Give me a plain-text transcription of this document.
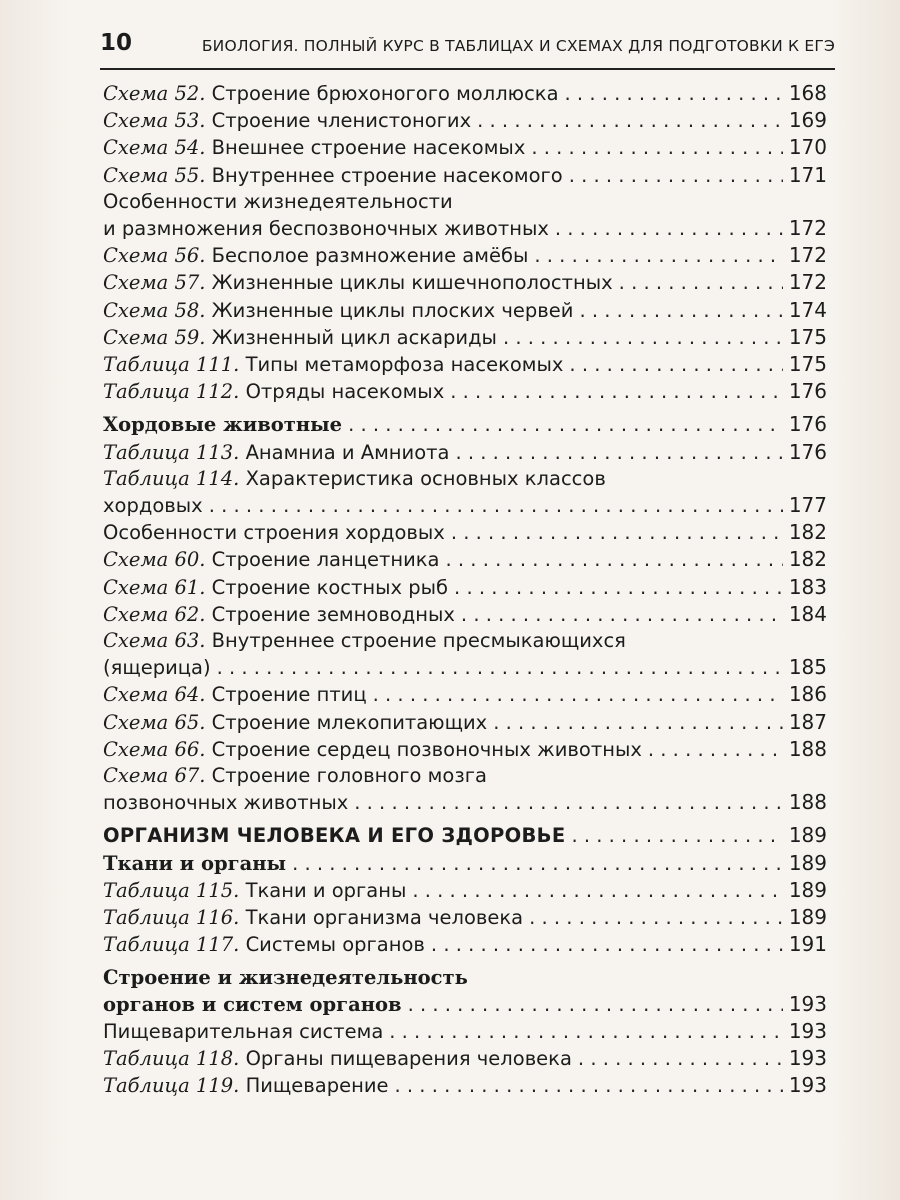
10	БИОЛОГИЯ. ПОЛНЫЙ КУРС В ТАБЛИЦАХ И СХЕМАХ ДЛЯ ПОДГОТОВКИ К ЕГЭ
Схема 52. Строение брюхоногого моллюска . . .	168
Схема 53. Строение членистоногих . . .	169
Схема 54. Внешнее строение насекомых . . .	170
Схема 55. Внутреннее строение насекомого . . .	171
Особенности жизнедеятельности
и размножения беспозвоночных животных . . .	172
Схема 56. Бесполое размножение амёбы . . .	172
Схема 57. Жизненные циклы кишечнополостных . . .	172
Схема 58. Жизненные циклы плоских червей . . .	174
Схема 59. Жизненный цикл аскариды . . .	175
Таблица 111. Типы метаморфоза насекомых . . .	175
Таблица 112. Отряды насекомых . . .	176
Хордовые животные . . .	176
Таблица 113. Анамниа и Амниота . . .	176
Таблица 114. Характеристика основных классов
хордовых . . .	177
Особенности строения хордовых . . .	182
Схема 60. Строение ланцетника . . .	182
Схема 61. Строение костных рыб . . .	183
Схема 62. Строение земноводных . . .	184
Схема 63. Внутреннее строение пресмыкающихся
(ящерица) . . .	185
Схема 64. Строение птиц . . .	186
Схема 65. Строение млекопитающих . . .	187
Схема 66. Строение сердец позвоночных животных . . .	188
Схема 67. Строение головного мозга
позвоночных животных . . .	188
ОРГАНИЗМ ЧЕЛОВЕКА И ЕГО ЗДОРОВЬЕ . . .	189
Ткани и органы . . .	189
Таблица 115. Ткани и органы . . .	189
Таблица 116. Ткани организма человека . . .	189
Таблица 117. Системы органов . . .	191
Строение и жизнедеятельность
органов и систем органов . . .	193
Пищеварительная система . . .	193
Таблица 118. Органы пищеварения человека . . .	193
Таблица 119. Пищеварение . . .	193
